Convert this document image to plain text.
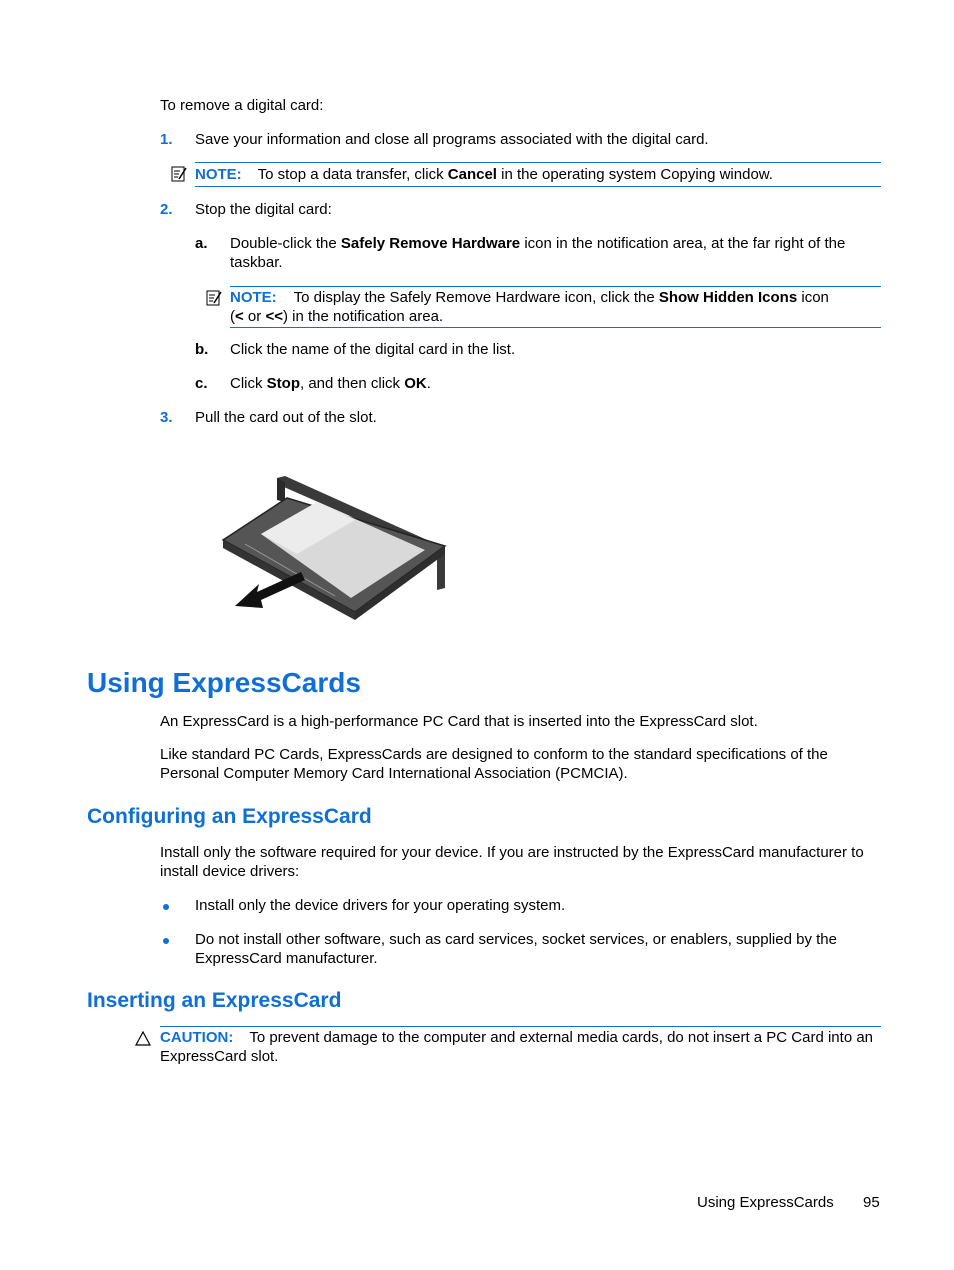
To remove a digital card:
1. Save your information and close all programs associated with the digital card.
NOTE: To stop a data transfer, click Cancel in the operating system Copying window.
2. Stop the digital card:
a. Double-click the Safely Remove Hardware icon in the notification area, at the far right of the taskbar.
NOTE: To display the Safely Remove Hardware icon, click the Show Hidden Icons icon
(< or <<) in the notification area.
b. Click the name of the digital card in the list.
c. Click Stop, and then click OK.
3. Pull the card out of the slot.
Using ExpressCards
An ExpressCard is a high-performance PC Card that is inserted into the ExpressCard slot.
Like standard PC Cards, ExpressCards are designed to conform to the standard specifications of the Personal Computer Memory Card International Association (PCMCIA).
Configuring an ExpressCard
Install only the software required for your device. If you are instructed by the ExpressCard manufacturer to install device drivers:
Install only the device drivers for your operating system.
Do not install other software, such as card services, socket services, or enablers, supplied by the ExpressCard manufacturer.
Inserting an ExpressCard
CAUTION: To prevent damage to the computer and external media cards, do not insert a PC Card into an ExpressCard slot.
Using ExpressCards 95
